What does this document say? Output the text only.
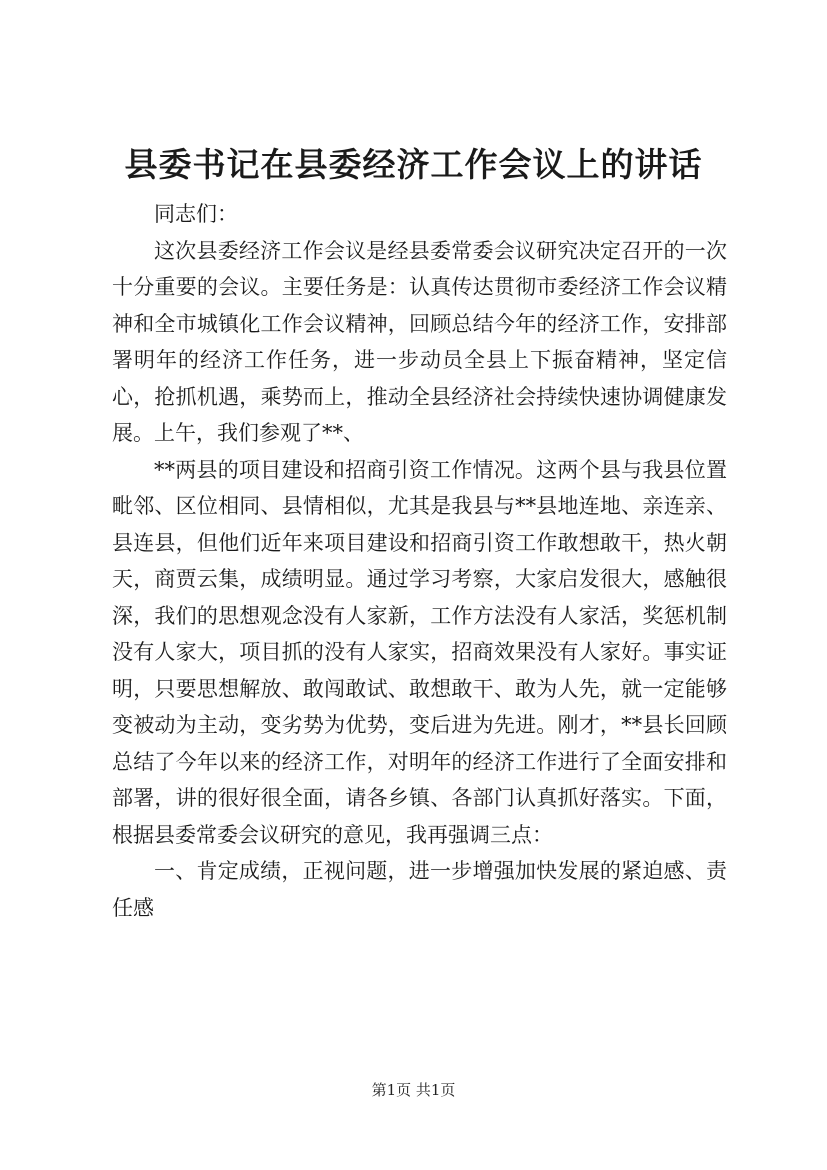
县委书记在县委经济工作会议上的讲话

同志们：

这次县委经济工作会议是经县委常委会议研究决定召开的一次十分重要的会议。主要任务是：认真传达贯彻市委经济工作会议精神和全市城镇化工作会议精神，回顾总结今年的经济工作，安排部署明年的经济工作任务，进一步动员全县上下振奋精神，坚定信心，抢抓机遇，乘势而上，推动全县经济社会持续快速协调健康发展。上午，我们参观了**、

**两县的项目建设和招商引资工作情况。这两个县与我县位置毗邻、区位相同、县情相似，尤其是我县与**县地连地、亲连亲、县连县，但他们近年来项目建设和招商引资工作敢想敢干，热火朝天，商贾云集，成绩明显。通过学习考察，大家启发很大，感触很深，我们的思想观念没有人家新，工作方法没有人家活，奖惩机制没有人家大，项目抓的没有人家实，招商效果没有人家好。事实证明，只要思想解放、敢闯敢试、敢想敢干、敢为人先，就一定能够变被动为主动，变劣势为优势，变后进为先进。刚才，**县长回顾总结了今年以来的经济工作，对明年的经济工作进行了全面安排和部署，讲的很好很全面，请各乡镇、各部门认真抓好落实。下面，根据县委常委会议研究的意见，我再强调三点：

一、肯定成绩，正视问题，进一步增强加快发展的紧迫感、责任感

第1页 共1页
